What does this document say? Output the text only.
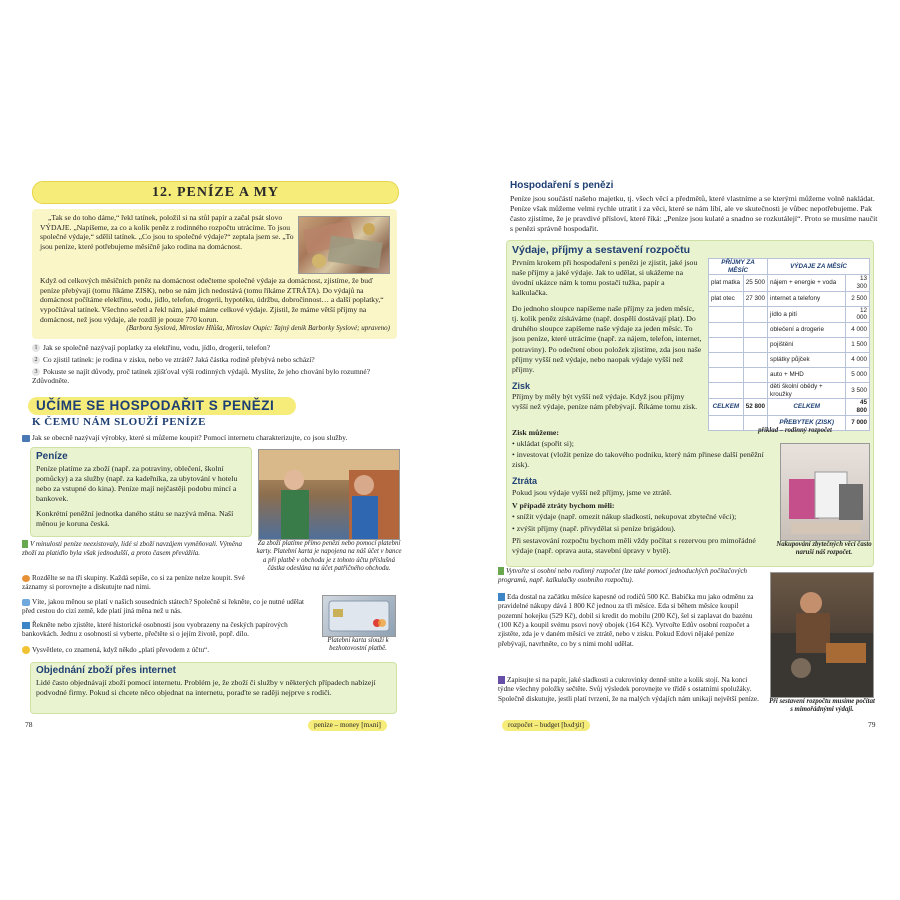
12. PENÍZE A MY
„Tak se do toho dáme,“ řekl tatínek, položil si na stůl papír a začal psát slovo VÝDAJE. „Napíšeme, za co a kolik peněz z rodinného rozpočtu utrácíme. To jsou společné výdaje,“ sdělil tatínek. „Co jsou to společné výdaje?“ zeptala jsem se. „To jsou peníze, které potřebujeme měsíčně jako rodina na domácnost.
Když od celkových měsíčních peněz na domácnost odečteme společné výdaje za domácnost, zjistíme, že buď peníze přebývají (tomu říkáme ZISK), nebo se nám jich nedostává (tomu říkáme ZTRÁTA). Do výdajů na domácnost počítáme elektřinu, vodu, jídlo, telefon, drogerii, hypotéku, údržbu, dobročinnost… a další poplatky,“ vypočítával tatínek. Všechno sečetl a řekl nám, jaké máme celkové výdaje. Zjistil, že máme větší příjmy na domácnost, než jsou výdaje, ale rozdíl je pouze 770 korun.
(Barbora Syslová, Miroslav Hlůša, Miroslav Oupic: Tajný deník Barborky Syslové; upraveno)
1 Jak se společně nazývají poplatky za elektřinu, vodu, jídlo, drogerii, telefon?
2 Co zjistil tatínek: je rodina v zisku, nebo ve ztrátě? Jaká částka rodině přebývá nebo schází?
3 Pokuste se najít důvody, proč tatínek zjišťoval výši rodinných výdajů. Myslíte, že jeho chování bylo rozumné? Zdůvodněte.
UČÍME SE HOSPODAŘIT S PENĚZI
K ČEMU NÁM SLOUŽÍ PENÍZE
Jak se obecně nazývají výrobky, které si můžeme koupit? Pomocí internetu charakterizujte, co jsou služby.
Peníze
Peníze platíme za zboží (např. za potraviny, oblečení, školní pomůcky) a za služby (např. za kadeřníka, za ubytování v hotelu nebo za vstupné do kina). Peníze mají nejčastěji podobu mincí a bankovek.
Konkrétní peněžní jednotka daného státu se nazývá měna. Naší měnou je koruna česká.
Za zboží platíme přímo penězi nebo pomocí platební karty. Platební karta je napojena na náš účet v bance a při platbě v obchodu je z tohoto účtu příslušná částka odeslána na účet patřičného obchodu.
V minulosti peníze neexistovaly, lidé si zboží navzájem vyměňovali. Výměna zboží za platidlo byla však jednodušší, a proto časem převážila.
Rozdělte se na tři skupiny. Každá sepíše, co si za peníze nelze koupit. Své záznamy si porovnejte a diskutujte nad nimi.
Víte, jakou měnou se platí v našich sousedních státech? Společně si řekněte, co je nutné udělat před cestou do cizí země, kde platí jiná měna než u nás.
Řekněte nebo zjistěte, které historické osobnosti jsou vyobrazeny na českých papírových bankovkách. Jednu z osobností si vyberte, přečtěte si o jejím životě, popř. dílo.
Vysvětlete, co znamená, když někdo „platí převodem z účtu“.
Platební karta slouží k bezhotovostní platbě.
Objednání zboží přes internet
Lidé často objednávají zboží pomocí internetu. Problém je, že zboží či služby v některých případech nabízejí podvodné firmy. Pokud si chcete něco objednat na internetu, poraďte se raději nejprve s rodiči.
78	peníze – money [mʌni]
Hospodaření s penězi
Peníze jsou součástí našeho majetku, tj. všech věcí a předmětů, které vlastníme a se kterými můžeme volně nakládat. Peníze však můžeme velmi rychle utratit i za věci, které se nám líbí, ale ve skutečnosti je vůbec nepotřebujeme. Pak často zjistíme, že je pravdivé přísloví, které říká: „Peníze jsou kulaté a snadno se rozkutálejí“. Proto se musíme naučit s penězi správně hospodařit.
Výdaje, příjmy a sestavení rozpočtu
Prvním krokem při hospodaření s penězi je zjistit, jaké jsou naše příjmy a jaké výdaje. Jak to udělat, si ukážeme na úvodní ukázce nám k tomu postačí tužka, papír a kalkulačka.
Do jednoho sloupce napíšeme naše příjmy za jeden měsíc, tj. kolik peněz získáváme (např. dospělí dostávají plat). Do druhého sloupce zapíšeme naše výdaje za jeden měsíc. To jsou peníze, které utrácíme (např. za nájem, telefon, internet, potraviny). Po odečtení obou položek zjistíme, zda jsou naše příjmy vyšší než výdaje, nebo naopak výdaje vyšší než příjmy.
Zisk
Příjmy by měly být vyšší než výdaje. Když jsou příjmy vyšší než výdaje, peníze nám přebývají. Říkáme tomu zisk.
Zisk můžeme:
• ukládat (spořit si);
• investovat (vložit peníze do takového podniku, který nám přinese další peněžní zisk).
Ztráta
Pokud jsou výdaje vyšší než příjmy, jsme ve ztrátě.
V případě ztráty bychom měli:
• snížit výdaje (např. omezit nákup sladkostí, nekupovat zbytečné věci);
• zvýšit příjmy (např. přivydělat si peníze brigádou).
Při sestavování rozpočtu bychom měli vždy počítat s rezervou pro mimořádné výdaje (např. oprava auta, stavební úpravy v bytě).
PŘÍJMY ZA MĚSÍC		VÝDAJE ZA MĚSÍC	
plat matka	25 500	nájem + energie + voda	13 300
plat otec	27 300	internet a telefony	2 500
		jídlo a pití	12 000
		oblečení a drogerie	4 000
		pojištění	1 500
		splátky půjček	4 000
		auto + MHD	5 000
		děti školní obědy + kroužky	3 500
CELKEM	52 800	CELKEM	45 800
		PŘEBYTEK (ZISK)	7 000
příklad – rodinný rozpočet
Nakupování zbytečných věcí často naruší náš rozpočet.
Vytvořte si osobní nebo rodinný rozpočet (lze také pomocí jednoduchých počítačových programů, např. kalkulačky osobního rozpočtu).
Eda dostal na začátku měsíce kapesné od rodičů 500 Kč. Babička mu jako odměnu za pravidelné nákupy dává 1 800 Kč jednou za tři měsíce. Eda si během měsíce koupil pozemní hokejku (529 Kč), dobil si kredit do mobilu (200 Kč), šel si zaplavat do bazénu (100 Kč) a koupil svému psovi nový obojek (164 Kč). Vytvořte Edův osobní rozpočet a zjistěte, zda je v daném měsíci ve ztrátě, nebo v zisku. Pokud Edovi nějaké peníze přebývají, navrhněte, co by s nimi mohl udělat.
Zapisujte si na papír, jaké sladkosti a cukrovinky denně sníte a kolik stojí. Na konci týdne všechny položky sečtěte. Svůj výsledek porovnejte ve třídě s ostatními spolužáky. Společně diskutujte, jestli platí tvrzení, že na malých výdajích nám unikají největší peníze. Při sestavení rozpočtu musíme počítat s mimořádnými výdaji.
rozpočet – budget [bʌdʒit]	79
